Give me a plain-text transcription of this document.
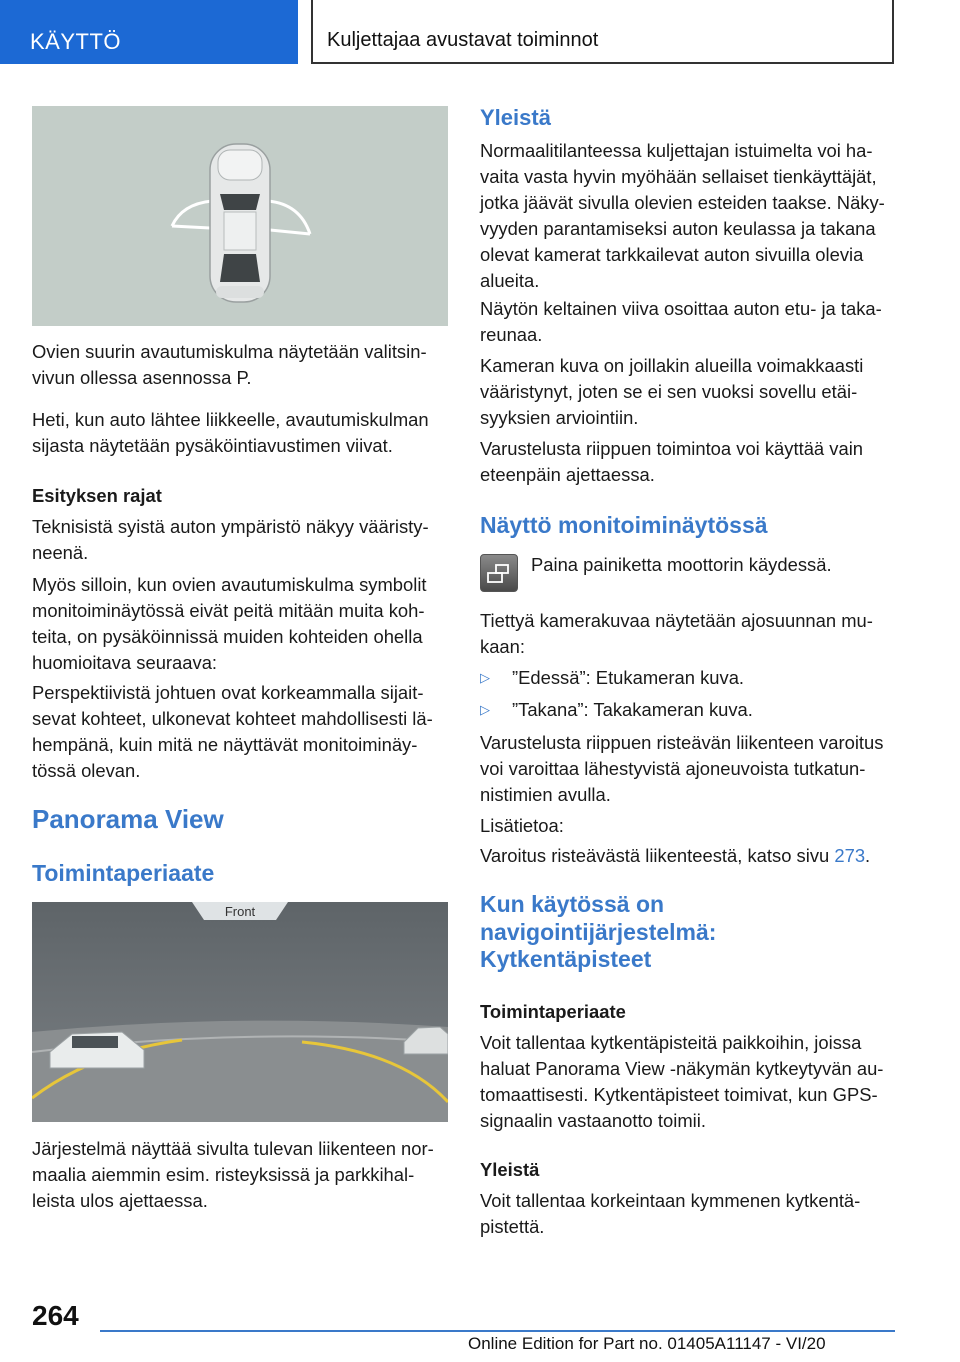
KÄYTTÖ	Kuljettajaa avustavat toiminnot

Ovien suurin avautumiskulma näytetään valitsin-

vivun ollessa asennossa P.

Heti, kun auto lähtee liikkeelle, avautumiskulman

sijasta näytetään pysäköintiavustimen viivat.

Esityksen rajat

Teknisistä syistä auton ympäristö näkyy vääristy-

neenä.

Myös silloin, kun ovien avautumiskulma symbolit

monitoiminäytössä eivät peitä mitään muita koh-

teita, on pysäköinnissä muiden kohteiden ohella

huomioitava seuraava:

Perspektiivistä johtuen ovat korkeammalla sijait-

sevat kohteet, ulkonevat kohteet mahdollisesti lä-

hempänä, kuin mitä ne näyttävät monitoiminäy-

tössä olevan.

Panorama View

Toimintaperiaate

Front

Järjestelmä näyttää sivulta tulevan liikenteen nor-

maalia aiemmin esim. risteyksissä ja parkkihal-

leista ulos ajettaessa.

Yleistä

Normaalitilanteessa kuljettajan istuimelta voi ha-

vaita vasta hyvin myöhään sellaiset tienkäyttäjät,

jotka jäävät sivulla olevien esteiden taakse. Näky-

vyyden parantamiseksi auton keulassa ja takana

olevat kamerat tarkkailevat auton sivuilla olevia

alueita.

Näytön keltainen viiva osoittaa auton etu- ja taka-

reunaa.

Kameran kuva on joillakin alueilla voimakkaasti

vääristynyt, joten se ei sen vuoksi sovellu etäi-

syyksien arviointiin.

Varustelusta riippuen toimintoa voi käyttää vain

eteenpäin ajettaessa.

Näyttö monitoiminäytössä

Paina painiketta moottorin käydessä.

Tiettyä kamerakuvaa näytetään ajosuunnan mu-

kaan:

▷ ”Edessä”: Etukameran kuva.
▷ ”Takana”: Takakameran kuva.

Varustelusta riippuen risteävän liikenteen varoitus

voi varoittaa lähestyvistä ajoneuvoista tutkatun-

nistimien avulla.

Lisätietoa:

Varoitus risteävästä liikenteestä, katso sivu 273.

Kun käytössä on

navigointijärjestelmä:

Kytkentäpisteet

Toimintaperiaate

Voit tallentaa kytkentäpisteitä paikkoihin, joissa

haluat Panorama View -näkymän kytkeytyvän au-

tomaattisesti. Kytkentäpisteet toimivat, kun GPS-

signaalin vastaanotto toimii.

Yleistä

Voit tallentaa korkeintaan kymmenen kytkentä-

pistettä.

264
Online Edition for Part no. 01405A11147 - VI/20
